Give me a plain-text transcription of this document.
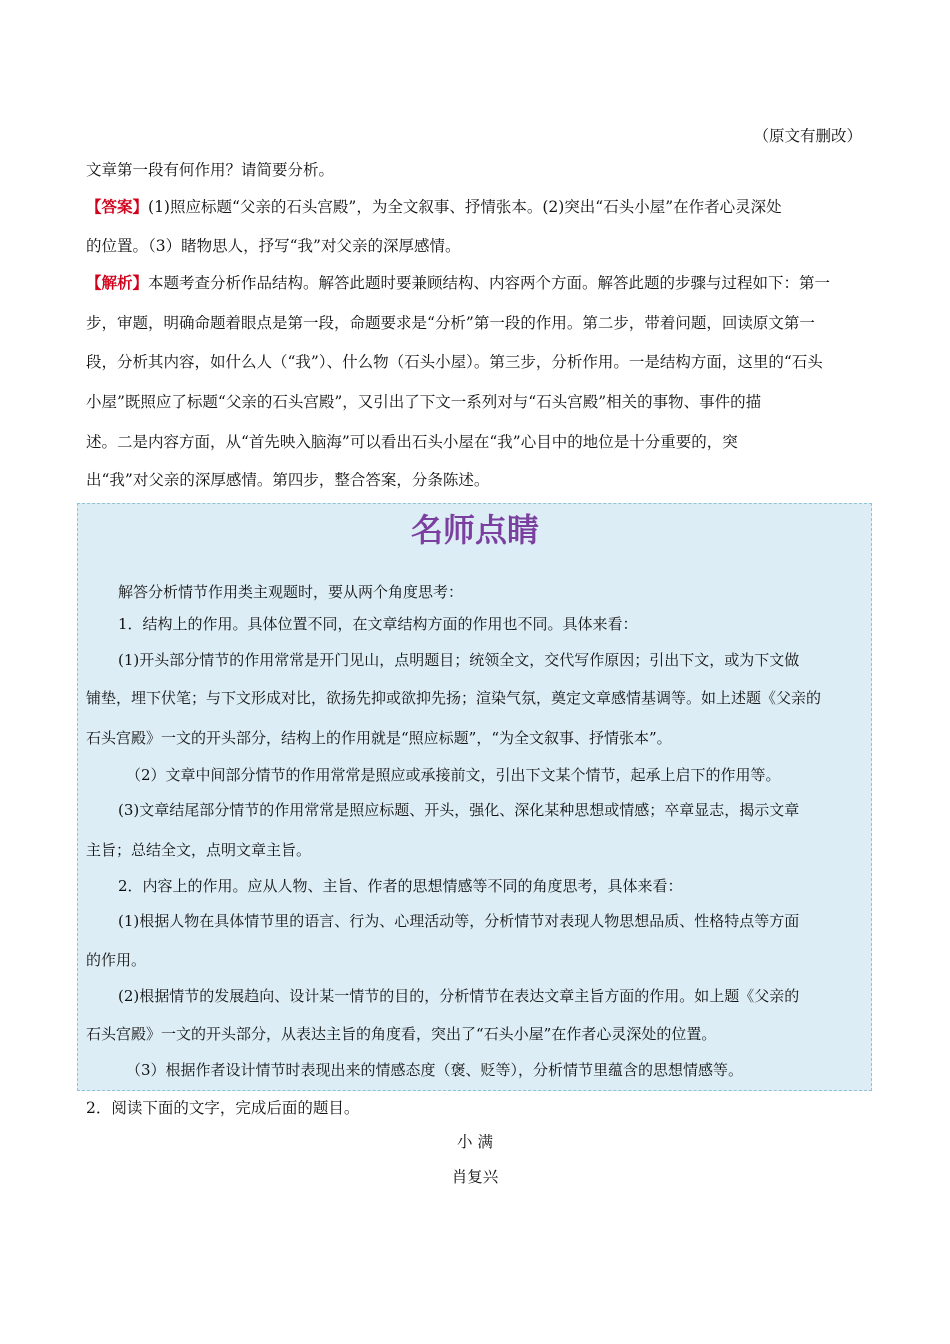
（原文有删改）
文章第一段有何作用？请简要分析。
【答案】(1)照应标题“父亲的石头宫殿”，为全文叙事、抒情张本。(2)突出“石头小屋”在作者心灵深处
的位置。（3）睹物思人，抒写“我”对父亲的深厚感情。
【解析】本题考查分析作品结构。解答此题时要兼顾结构、内容两个方面。解答此题的步骤与过程如下：第一
步，审题，明确命题着眼点是第一段，命题要求是“分析”第一段的作用。第二步，带着问题，回读原文第一
段，分析其内容，如什么人（“我”）、什么物（石头小屋）。第三步，分析作用。一是结构方面，这里的“石头
小屋”既照应了标题“父亲的石头宫殿”，又引出了下文一系列对与“石头宫殿”相关的事物、事件的描
述。二是内容方面，从“首先映入脑海”可以看出石头小屋在“我”心目中的地位是十分重要的，突
出“我”对父亲的深厚感情。第四步，整合答案，分条陈述。
名师点睛
解答分析情节作用类主观题时，要从两个角度思考：
1．结构上的作用。具体位置不同，在文章结构方面的作用也不同。具体来看：
(1)开头部分情节的作用常常是开门见山，点明题目；统领全文，交代写作原因；引出下文，或为下文做
铺垫，埋下伏笔；与下文形成对比，欲扬先抑或欲抑先扬；渲染气氛，奠定文章感情基调等。如上述题《父亲的
石头宫殿》一文的开头部分，结构上的作用就是“照应标题”，“为全文叙事、抒情张本”。
（2）文章中间部分情节的作用常常是照应或承接前文，引出下文某个情节，起承上启下的作用等。
(3)文章结尾部分情节的作用常常是照应标题、开头，强化、深化某种思想或情感；卒章显志，揭示文章
主旨；总结全文，点明文章主旨。
2．内容上的作用。应从人物、主旨、作者的思想情感等不同的角度思考，具体来看：
(1)根据人物在具体情节里的语言、行为、心理活动等，分析情节对表现人物思想品质、性格特点等方面
的作用。
(2)根据情节的发展趋向、设计某一情节的目的，分析情节在表达文章主旨方面的作用。如上题《父亲的
石头宫殿》一文的开头部分，从表达主旨的角度看，突出了“石头小屋”在作者心灵深处的位置。
（3）根据作者设计情节时表现出来的情感态度（褒、贬等），分析情节里蕴含的思想情感等。
2．阅读下面的文字，完成后面的题目。
小 满
肖复兴
